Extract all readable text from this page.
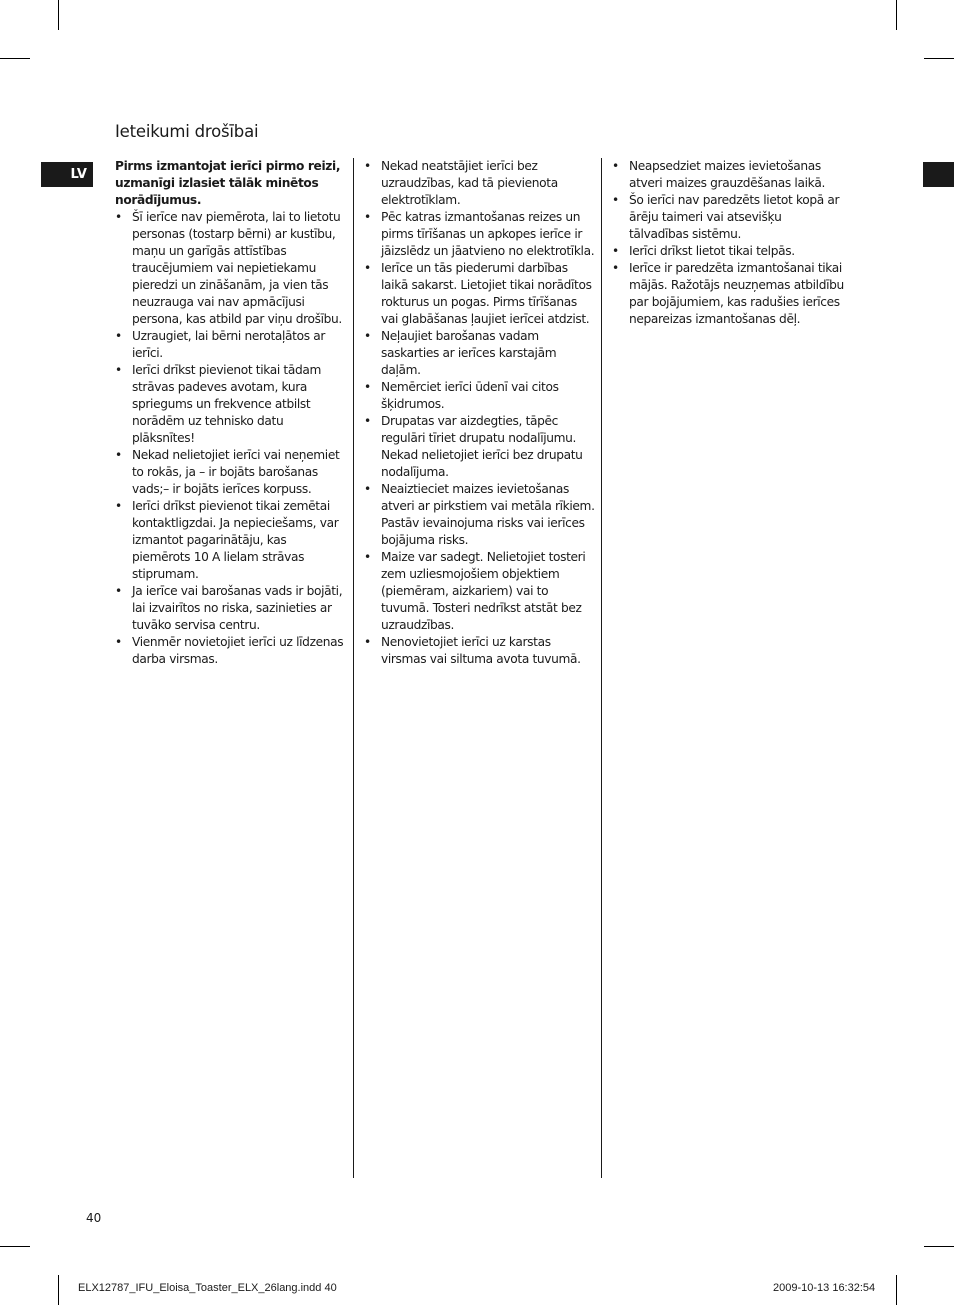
Ieteikumi drošībai
LV

Pirms izmantojat ierīci pirmo reizi, uzmanīgi izlasiet tālāk minētos norādījumus.

• Šī ierīce nav piemērota, lai to lietotu personas (tostarp bērni) ar kustību, maņu un garīgās attīstības traucējumiem vai nepietiekamu pieredzi un zināšanām, ja vien tās neuzrauga vai nav apmācījusi persona, kas atbild par viņu drošību.
• Uzraugiet, lai bērni nerotaļātos ar ierīci.
• Ierīci drīkst pievienot tikai tādam strāvas padeves avotam, kura spriegums un frekvence atbilst norādēm uz tehnisko datu plāksnītes!
• Nekad nelietojiet ierīci vai neņemiet to rokās, ja – ir bojāts barošanas vads;– ir bojāts ierīces korpuss.
• Ierīci drīkst pievienot tikai zemētai kontaktligzdai. Ja nepieciešams, var izmantot pagarinātāju, kas piemērots 10 A lielam strāvas stiprumam.
• Ja ierīce vai barošanas vads ir bojāti, lai izvairītos no riska, sazinieties ar tuvāko servisa centru.
• Vienmēr novietojiet ierīci uz līdzenas darba virsmas.
• Nekad neatstājiet ierīci bez uzraudzības, kad tā pievienota elektrotīklam.
• Pēc katras izmantošanas reizes un pirms tīrīšanas un apkopes ierīce ir jāizslēdz un jāatvieno no elektrotīkla.
• Ierīce un tās piederumi darbības laikā sakarst. Lietojiet tikai norādītos rokturus un pogas. Pirms tīrīšanas vai glabāšanas ļaujiet ierīcei atdzist.
• Neļaujiet barošanas vadam saskarties ar ierīces karstajām daļām.
• Nemērciet ierīci ūdenī vai citos šķidrumos.
• Drupatas var aizdegties, tāpēc regulāri tīriet drupatu nodalījumu. Nekad nelietojiet ierīci bez drupatu nodalījuma.
• Neaiztieciet maizes ievietošanas atveri ar pirkstiem vai metāla rīkiem. Pastāv ievainojuma risks vai ierīces bojājuma risks.
• Maize var sadegt. Nelietojiet tosteri zem uzliesmojošiem objektiem (piemēram, aizkariem) vai to tuvumā. Tosteri nedrīkst atstāt bez uzraudzības.
• Nenovietojiet ierīci uz karstas virsmas vai siltuma avota tuvumā.
• Neapsedziet maizes ievietošanas atveri maizes grauzdēšanas laikā.
• Šo ierīci nav paredzēts lietot kopā ar ārēju taimeri vai atsevišķu tālvadības sistēmu.
• Ierīci drīkst lietot tikai telpās.
• Ierīce ir paredzēta izmantošanai tikai mājās. Ražotājs neuzņemas atbildību par bojājumiem, kas radušies ierīces nepareizas izmantošanas dēļ.
40
ELX12787_IFU_Eloisa_Toaster_ELX_26lang.indd 40	2009-10-13 16:32:54
